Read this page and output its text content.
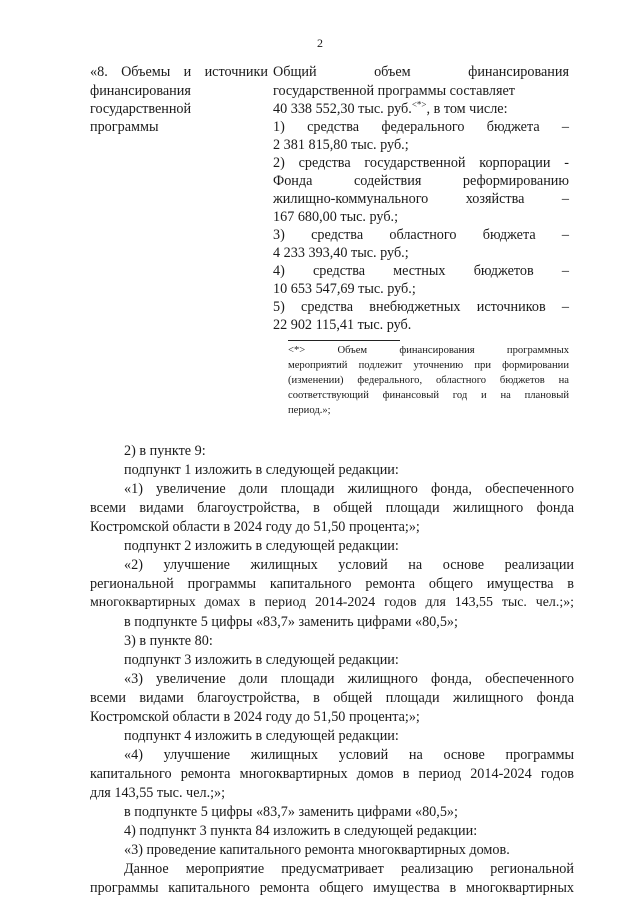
2
«8. Объемы и источники
финансирования
государственной
программы
Общий объем финансирования
государственной программы составляет
40 338 552,30 тыс. руб.<*>, в том числе:
1) средства федерального бюджета –
2 381 815,80 тыс. руб.;
2) средства государственной корпорации -
Фонда содействия реформированию
жилищно-коммунального хозяйства –
167 680,00 тыс. руб.;
3) средства областного бюджета –
4 233 393,40 тыс. руб.;
4) средства местных бюджетов –
10 653 547,69 тыс. руб.;
5) средства внебюджетных источников –
22 902 115,41 тыс. руб.
<*> Объем финансирования программных
мероприятий подлежит уточнению при формировании
(изменении) федерального, областного бюджетов на
соответствующий финансовый год и на плановый
период.»;
2) в пункте 9:
подпункт 1 изложить в следующей редакции:
«1) увеличение доли площади жилищного фонда, обеспеченного
всеми видами благоустройства, в общей площади жилищного фонда
Костромской области в 2024 году до 51,50 процента;»;
подпункт 2 изложить в следующей редакции:
«2) улучшение жилищных условий на основе реализации
региональной программы капитального ремонта общего имущества в
многоквартирных домах в период 2014-2024 годов для 143,55 тыс. чел.;»;
в подпункте 5 цифры «83,7» заменить цифрами «80,5»;
3) в пункте 80:
подпункт 3 изложить в следующей редакции:
«3) увеличение доли площади жилищного фонда, обеспеченного
всеми видами благоустройства, в общей площади жилищного фонда
Костромской области в 2024 году до 51,50 процента;»;
подпункт 4 изложить в следующей редакции:
«4) улучшение жилищных условий на основе программы
капитального ремонта многоквартирных домов в период 2014-2024 годов
для 143,55 тыс. чел.;»;
в подпункте 5 цифры «83,7» заменить цифрами «80,5»;
4) подпункт 3 пункта 84 изложить в следующей редакции:
«3) проведение капитального ремонта многоквартирных домов.
Данное мероприятие предусматривает реализацию региональной
программы капитального ремонта общего имущества в многоквартирных
